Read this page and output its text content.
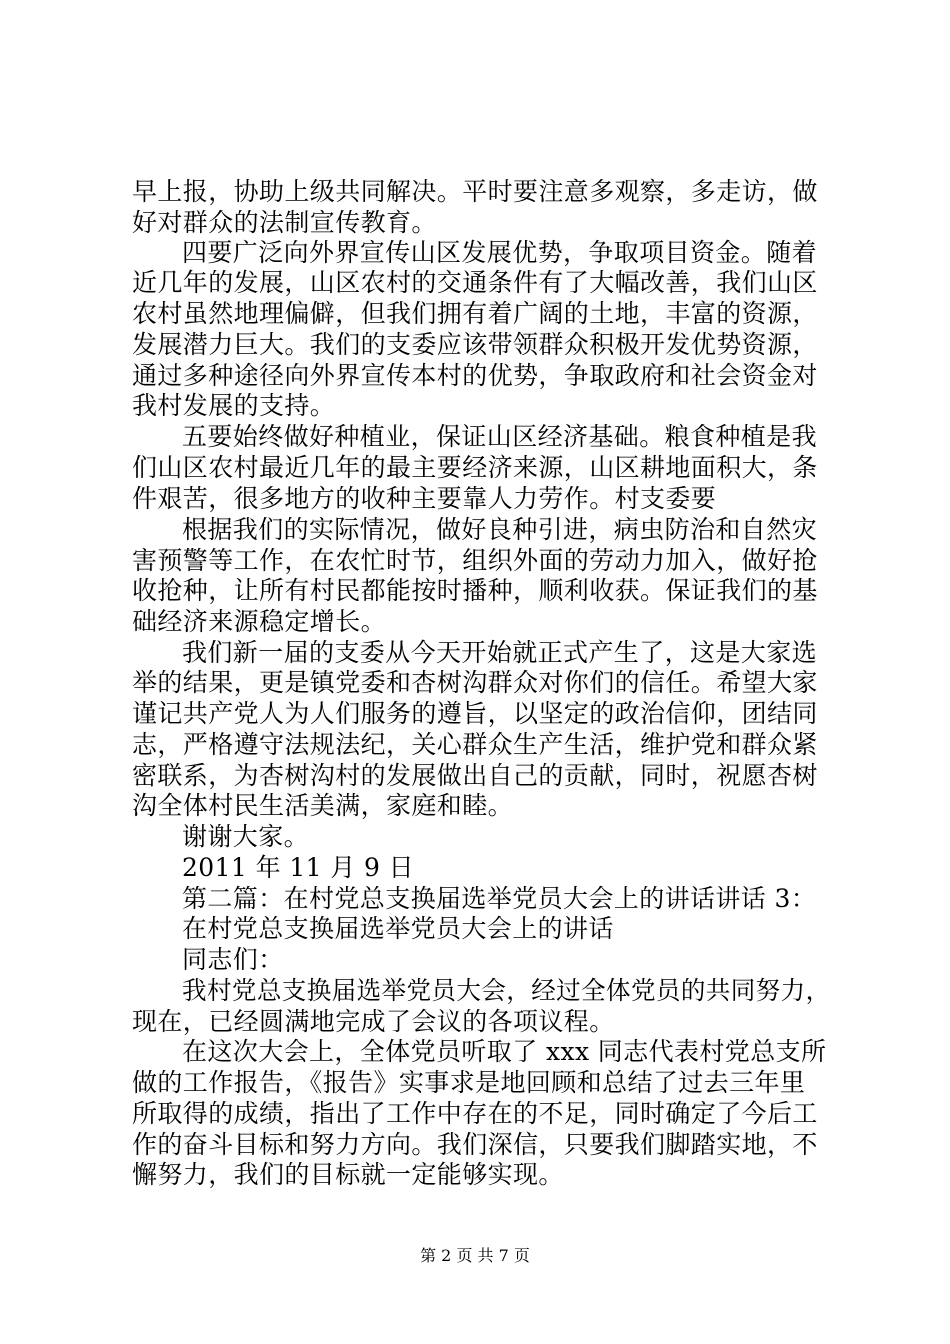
早上报，协助上级共同解决。平时要注意多观察，多走访，做
好对群众的法制宣传教育。
四要广泛向外界宣传山区发展优势，争取项目资金。随着
近几年的发展，山区农村的交通条件有了大幅改善，我们山区
农村虽然地理偏僻，但我们拥有着广阔的土地，丰富的资源，
发展潜力巨大。我们的支委应该带领群众积极开发优势资源，
通过多种途径向外界宣传本村的优势，争取政府和社会资金对
我村发展的支持。
五要始终做好种植业，保证山区经济基础。粮食种植是我
们山区农村最近几年的最主要经济来源，山区耕地面积大，条
件艰苦，很多地方的收种主要靠人力劳作。村支委要
根据我们的实际情况，做好良种引进，病虫防治和自然灾
害预警等工作，在农忙时节，组织外面的劳动力加入，做好抢
收抢种，让所有村民都能按时播种，顺利收获。保证我们的基
础经济来源稳定增长。
我们新一届的支委从今天开始就正式产生了，这是大家选
举的结果，更是镇党委和杏树沟群众对你们的信任。希望大家
谨记共产党人为人们服务的遵旨，以坚定的政治信仰，团结同
志，严格遵守法规法纪，关心群众生产生活，维护党和群众紧
密联系，为杏树沟村的发展做出自己的贡献，同时，祝愿杏树
沟全体村民生活美满，家庭和睦。
谢谢大家。
2011 年 11 月 9 日
第二篇：在村党总支换届选举党员大会上的讲话讲话 3：
在村党总支换届选举党员大会上的讲话
同志们：
我村党总支换届选举党员大会，经过全体党员的共同努力，
现在，已经圆满地完成了会议的各项议程。
在这次大会上，全体党员听取了 xxx 同志代表村党总支所
做的工作报告，《报告》实事求是地回顾和总结了过去三年里
所取得的成绩，指出了工作中存在的不足，同时确定了今后工
作的奋斗目标和努力方向。我们深信，只要我们脚踏实地，不
懈努力，我们的目标就一定能够实现。
第 2 页 共 7 页
